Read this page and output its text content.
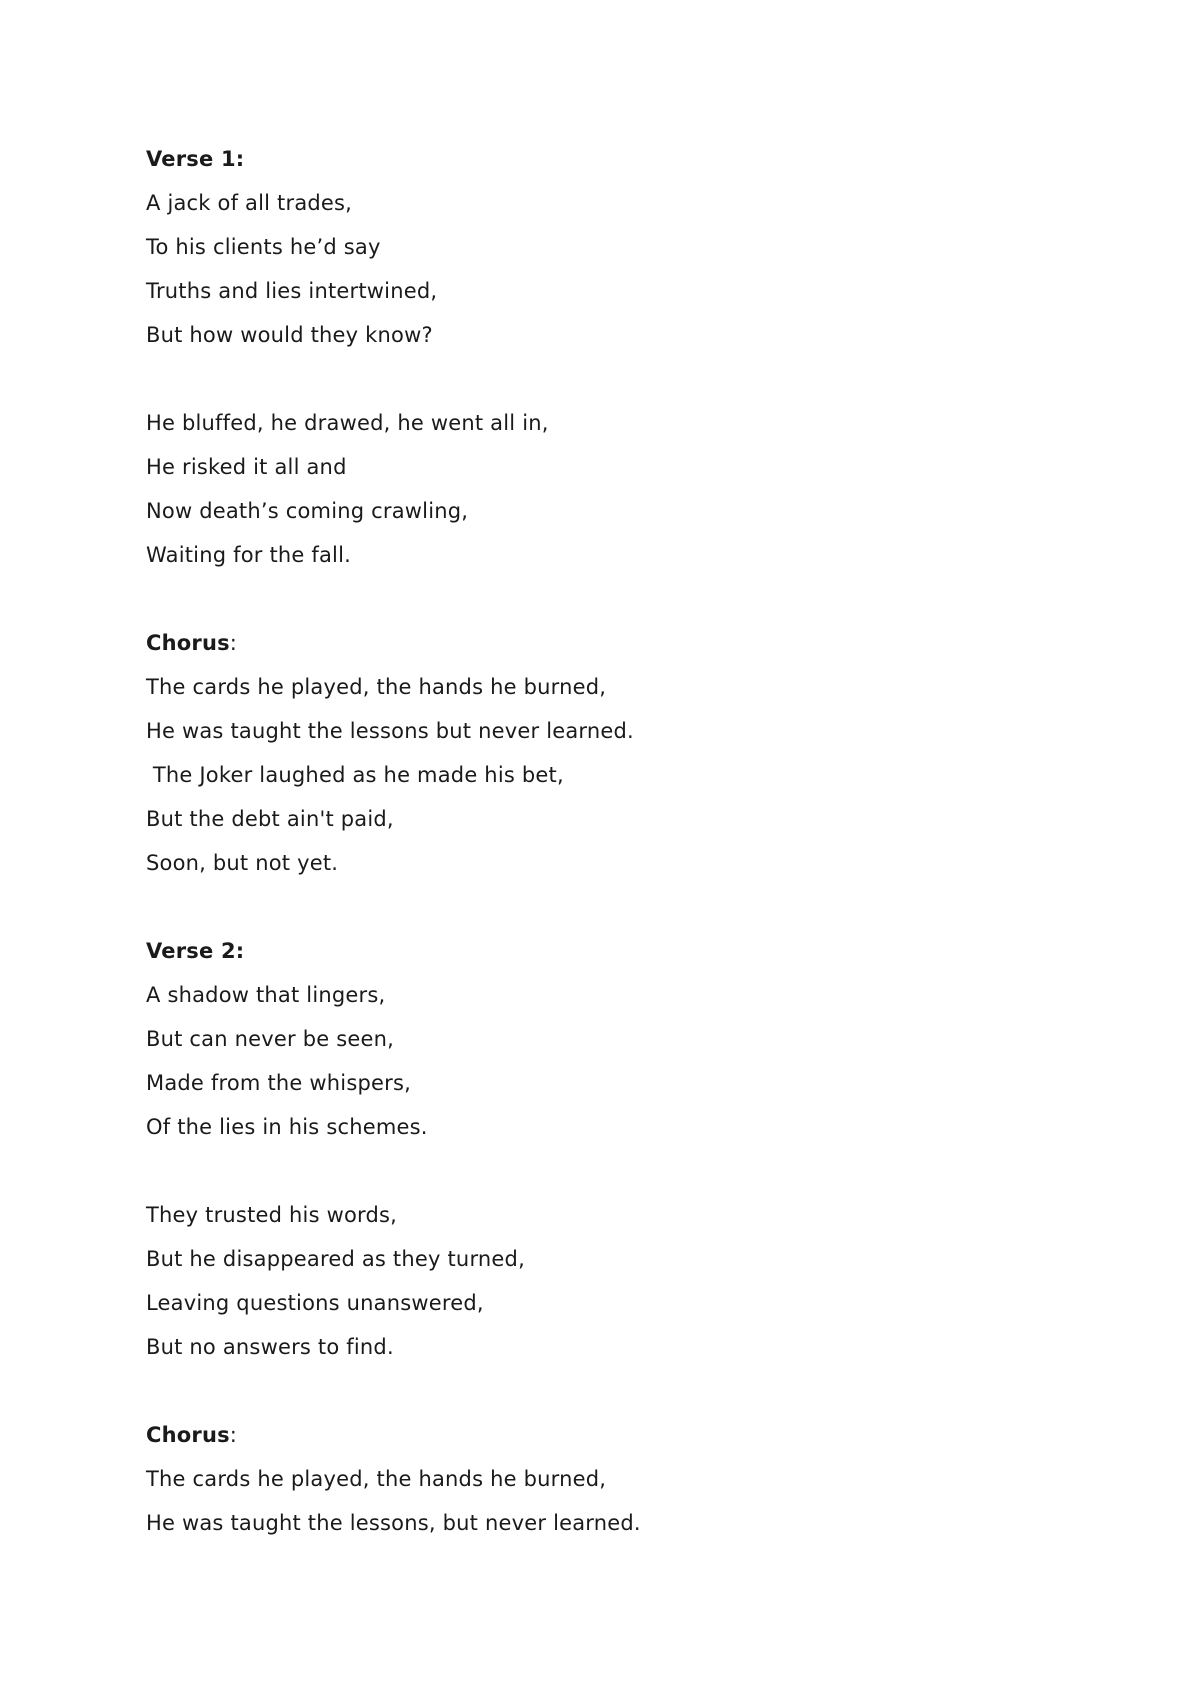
Verse 1:

A jack of all trades,

To his clients he’d say

Truths and lies intertwined,

But how would they know?

He bluffed, he drawed, he went all in,

He risked it all and

Now death’s coming crawling,

Waiting for the fall.

Chorus:

The cards he played, the hands he burned,

He was taught the lessons but never learned.

The Joker laughed as he made his bet,

But the debt ain't paid,

Soon, but not yet.

Verse 2:

A shadow that lingers,

But can never be seen,

Made from the whispers,

Of the lies in his schemes.

They trusted his words,

But he disappeared as they turned,

Leaving questions unanswered,

But no answers to find.

Chorus:

The cards he played, the hands he burned,

He was taught the lessons, but never learned.
